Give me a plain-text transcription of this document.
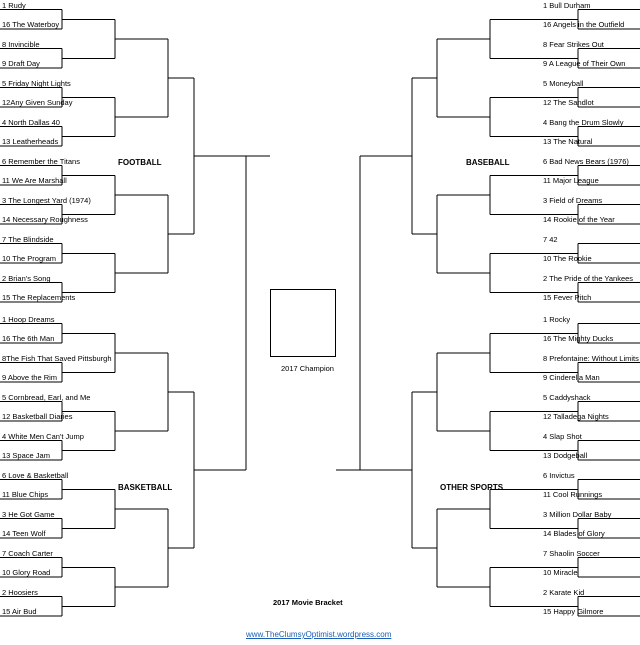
1 Rudy
16 The Waterboy
8 Invincible
9 Draft Day
5 Friday Night Lights
12Any Given Sunday
4 North Dallas 40
13 Leatherheads
6 Remember the Titans
11 We Are Marshall
3 The Longest Yard (1974)
14 Necessary Roughness
7 The Blindside
10 The Program
2 Brian's Song
15 The Replacements
1 Hoop Dreams
16 The 6th Man
8The Fish That Saved Pittsburgh
9 Above the Rim
5 Cornbread, Earl, and Me
12 Basketball Diaries
4 White Men Can't Jump
13 Space Jam
6 Love & Basketball
11 Blue Chips
3 He Got Game
14 Teen Wolf
7 Coach Carter
10 Glory Road
2 Hoosiers
15 Air Bud
1 Bull Durham
16 Angels in the Outfield
8 Fear Strikes Out
9 A League of Their Own
5 Moneyball
12 The Sandlot
4 Bang the Drum Slowly
13 The Natural
6 Bad News Bears (1976)
11 Major League
3 Field of Dreams
14 Rookie of the Year
7 42
10 The Rookie
2 The Pride of the Yankees
15 Fever Pitch
1 Rocky
16 The Mighty Ducks
8 Prefontaine: Without Limits
9 Cinderella Man
5 Caddyshack
12 Talladega Nights
4 Slap Shot
13 Dodgeball
6 Invictus
11 Cool Runnings
3 Million Dollar Baby
14 Blades of Glory
7 Shaolin Soccer
10 Miracle
2 Karate Kid
15 Happy Gilmore
FOOTBALL
BASKETBALL
BASEBALL
OTHER SPORTS
2017 Champion
2017 Movie Bracket
www.TheClumsyOptimist.wordpress.com
